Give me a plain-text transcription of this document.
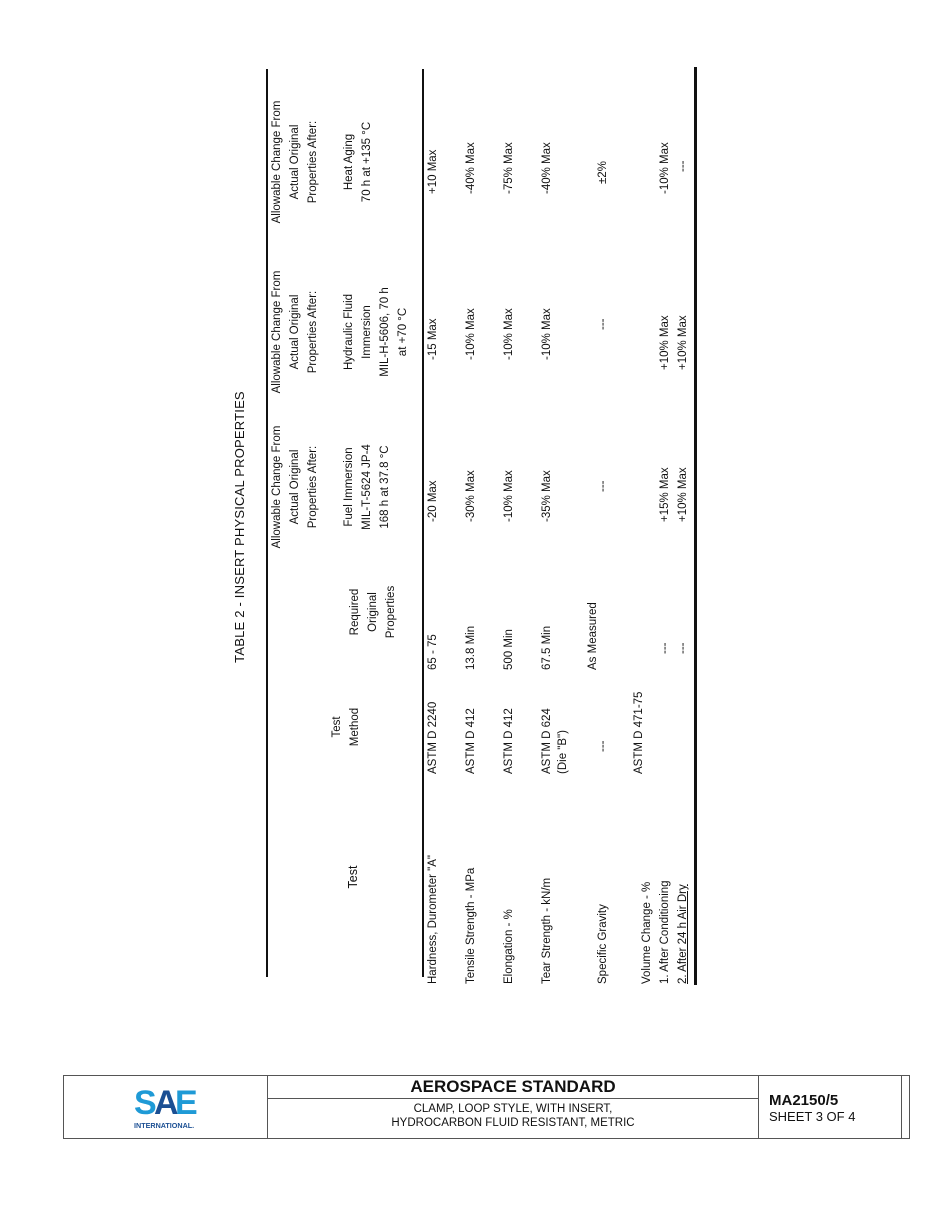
TABLE 2 - INSERT PHYSICAL PROPERTIES
Test
Test Method
Required Original Properties
Allowable Change From Actual Original Properties After: Fuel Immersion MIL-T-5624 JP-4 168 h at 37.8 °C
Allowable Change From Actual Original Properties After: Hydraulic Fluid Immersion MIL-H-5606, 70 h at +70 °C
Allowable Change From Actual Original Properties After: Heat Aging 70 h at +135 °C
Hardness, Durometer "A"
ASTM D 2240
65 - 75
-20 Max
-15 Max
+10 Max
Tensile Strength - MPa
ASTM D 412
13.8 Min
-30% Max
-10% Max
-40% Max
Elongation - %
ASTM D 412
500 Min
-10% Max
-10% Max
-75% Max
Tear Strength - kN/m
ASTM D 624 (Die "B")
67.5 Min
-35% Max
-10% Max
-40% Max
Specific Gravity
---
As Measured
---
---
±2%
Volume Change - %
ASTM D 471-75
1. After Conditioning
---
+15% Max
+10% Max
-10% Max
2. After 24 h Air Dry
---
+10% Max
+10% Max
---
S A E
INTERNATIONAL.
AEROSPACE STANDARD
CLAMP, LOOP STYLE, WITH INSERT,
HYDROCARBON FLUID RESISTANT, METRIC
MA2150/5
SHEET 3 OF 4
